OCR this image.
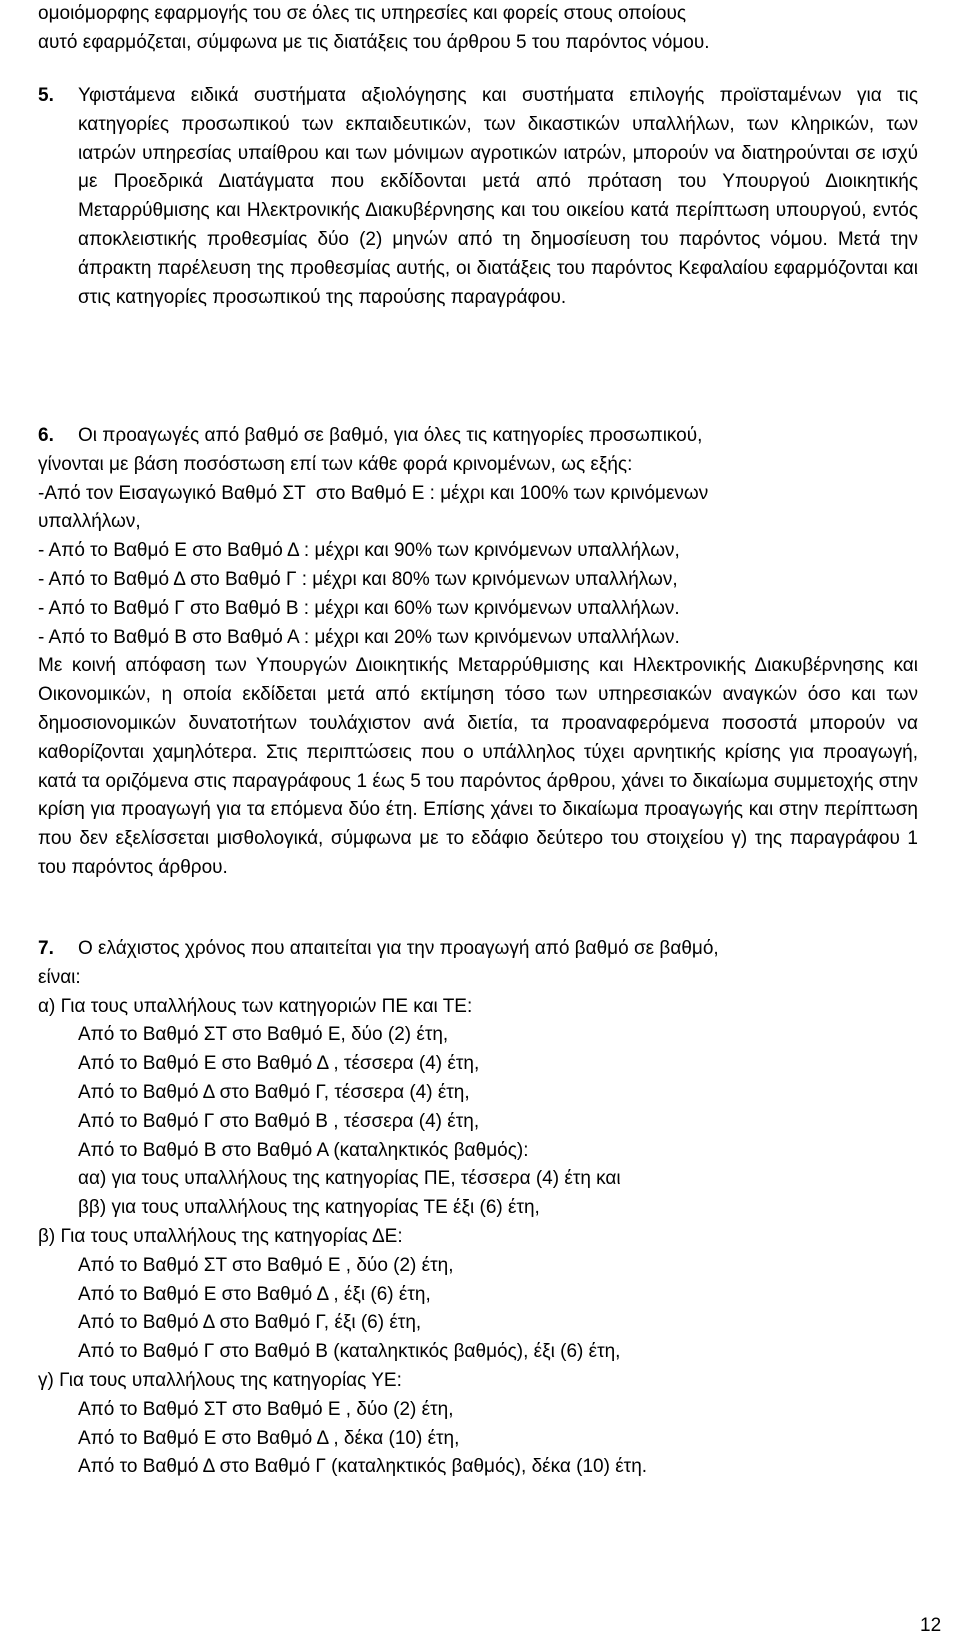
ομοιόμορφης εφαρμογής του σε όλες τις υπηρεσίες και φορείς στους οποίους
αυτό εφαρμόζεται, σύμφωνα με τις διατάξεις του άρθρου 5 του παρόντος νόμου.
5.	Υφιστάμενα ειδικά συστήματα αξιολόγησης και συστήματα επιλογής προϊσταμένων για τις κατηγορίες προσωπικού των εκπαιδευτικών, των δικαστικών υπαλλήλων, των κληρικών, των ιατρών υπηρεσίας υπαίθρου και των μόνιμων αγροτικών ιατρών, μπορούν να διατηρούνται σε ισχύ με Προεδρικά Διατάγματα που εκδίδονται μετά από πρόταση του Υπουργού Διοικητικής Μεταρρύθμισης και Ηλεκτρονικής Διακυβέρνησης και του οικείου κατά περίπτωση υπουργού, εντός αποκλειστικής προθεσμίας δύο (2) μηνών από τη δημοσίευση του παρόντος νόμου. Μετά την άπρακτη παρέλευση της προθεσμίας αυτής, οι διατάξεις του παρόντος Κεφαλαίου εφαρμόζονται και στις κατηγορίες προσωπικού της παρούσης παραγράφου.
6.	Οι προαγωγές από βαθμό σε βαθμό, για όλες τις κατηγορίες προσωπικού,
γίνονται με βάση ποσόστωση επί των κάθε φορά κρινομένων, ως εξής:
-Από τον Εισαγωγικό Βαθμό ΣΤ  στο Βαθμό Ε : μέχρι και 100% των κρινόμενων
υπαλλήλων,
- Από το Βαθμό Ε στο Βαθμό Δ : μέχρι και 90% των κρινόμενων υπαλλήλων,
- Από το Βαθμό Δ στο Βαθμό Γ : μέχρι και 80% των κρινόμενων υπαλλήλων,
- Από το Βαθμό Γ στο Βαθμό Β : μέχρι και 60% των κρινόμενων υπαλλήλων.
- Από το Βαθμό Β στο Βαθμό Α : μέχρι και 20% των κρινόμενων υπαλλήλων.
Με κοινή απόφαση των Υπουργών Διοικητικής Μεταρρύθμισης και Ηλεκτρονικής Διακυβέρνησης και Οικονομικών, η οποία εκδίδεται μετά από εκτίμηση τόσο των υπηρεσιακών αναγκών όσο και των δημοσιονομικών δυνατοτήτων τουλάχιστον ανά διετία, τα προαναφερόμενα ποσοστά μπορούν να καθορίζονται χαμηλότερα. Στις περιπτώσεις που ο υπάλληλος τύχει αρνητικής κρίσης για προαγωγή, κατά τα οριζόμενα στις παραγράφους 1 έως 5 του παρόντος άρθρου, χάνει το δικαίωμα συμμετοχής στην κρίση για προαγωγή για τα επόμενα δύο έτη. Επίσης χάνει το δικαίωμα προαγωγής και στην περίπτωση που δεν εξελίσσεται μισθολογικά, σύμφωνα με το εδάφιο δεύτερο του στοιχείου γ) της παραγράφου 1 του παρόντος άρθρου.
7.	Ο ελάχιστος χρόνος που απαιτείται για την προαγωγή από βαθμό σε βαθμό,
είναι:
α) Για τους υπαλλήλους των κατηγοριών ΠΕ και ΤΕ:
Από το Βαθμό ΣΤ στο Βαθμό Ε, δύο (2) έτη,
Από το Βαθμό Ε στο Βαθμό Δ , τέσσερα (4) έτη,
Από το Βαθμό Δ στο Βαθμό Γ, τέσσερα (4) έτη,
Από το Βαθμό Γ στο Βαθμό Β , τέσσερα (4) έτη,
Από το Βαθμό Β στο Βαθμό Α (καταληκτικός βαθμός):
αα) για τους υπαλλήλους της κατηγορίας ΠΕ, τέσσερα (4) έτη και
ββ) για τους υπαλλήλους της κατηγορίας ΤΕ έξι (6) έτη,
β) Για τους υπαλλήλους της κατηγορίας ΔΕ:
Από το Βαθμό ΣΤ στο Βαθμό Ε , δύο (2) έτη,
Από το Βαθμό Ε στο Βαθμό Δ , έξι (6) έτη,
Από το Βαθμό Δ στο Βαθμό Γ, έξι (6) έτη,
Από το Βαθμό Γ στο Βαθμό Β (καταληκτικός βαθμός), έξι (6) έτη,
γ) Για τους υπαλλήλους της κατηγορίας ΥΕ:
Από το Βαθμό ΣΤ στο Βαθμό Ε , δύο (2) έτη,
Από το Βαθμό Ε στο Βαθμό Δ , δέκα (10) έτη,
Από το Βαθμό Δ στο Βαθμό Γ (καταληκτικός βαθμός), δέκα (10) έτη.
12
